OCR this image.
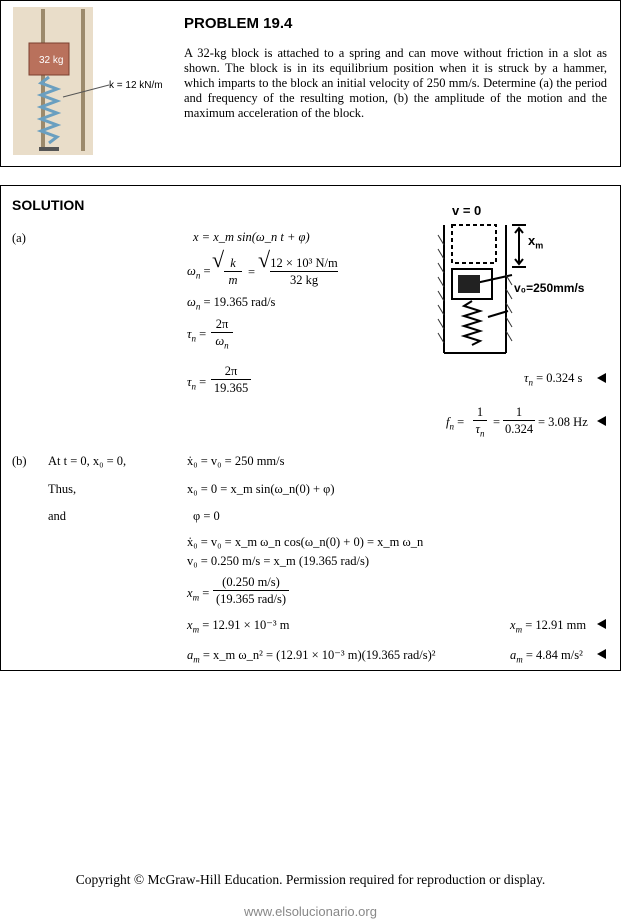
32 kg
k = 12 kN/m
PROBLEM 19.4
A 32-kg block is attached to a spring and can move without friction in a slot as shown. The block is in its equilibrium position when it is struck by a hammer, which imparts to the block an initial velocity of 250 mm/s. Determine (a) the period and frequency of the resulting motion, (b) the amplitude of the motion and the maximum acceleration of the block.
SOLUTION	v = 0
$x_m$
v₀=250mm/s
(a)	x = x_m sin(ω_n t + φ)
$\omega_n$ = √ k
m
= √ 12 × 10³ N/m
32 kg
$\omega_n = 19.365$ rad/s
$\tau_n$ =
2π
$\omega_n$
$\tau_n$ =
2π
19.365
$\tau_n = 0.324$ s
$f_n$ =
1
$\tau_n$
=
1
0.324 = 3.08 Hz
(b) At t = 0, x₀ = 0,	ẋ₀ = v₀ = 250 mm/s
Thus,	x₀ = 0 = x_m sin(ω_n(0) + φ)
and	φ = 0
ẋ₀ = v₀ = x_m ω_n cos(ω_n(0) + 0) = x_m ω_n
v₀ = 0.250 m/s = x_m (19.365 rad/s)
$x_m$ =
(0.250 m/s)
(19.365 rad/s)
$x_m = 12.91 \times 10^{-3}$ m	$x_m = 12.91$ mm
$a_m$ = x_m ω_n² = (12.91 × 10⁻³ m)(19.365 rad/s)²	$a_m = 4.84$ m/s²
Copyright © McGraw-Hill Education. Permission required for reproduction or display.
www.elsolucionario.org
